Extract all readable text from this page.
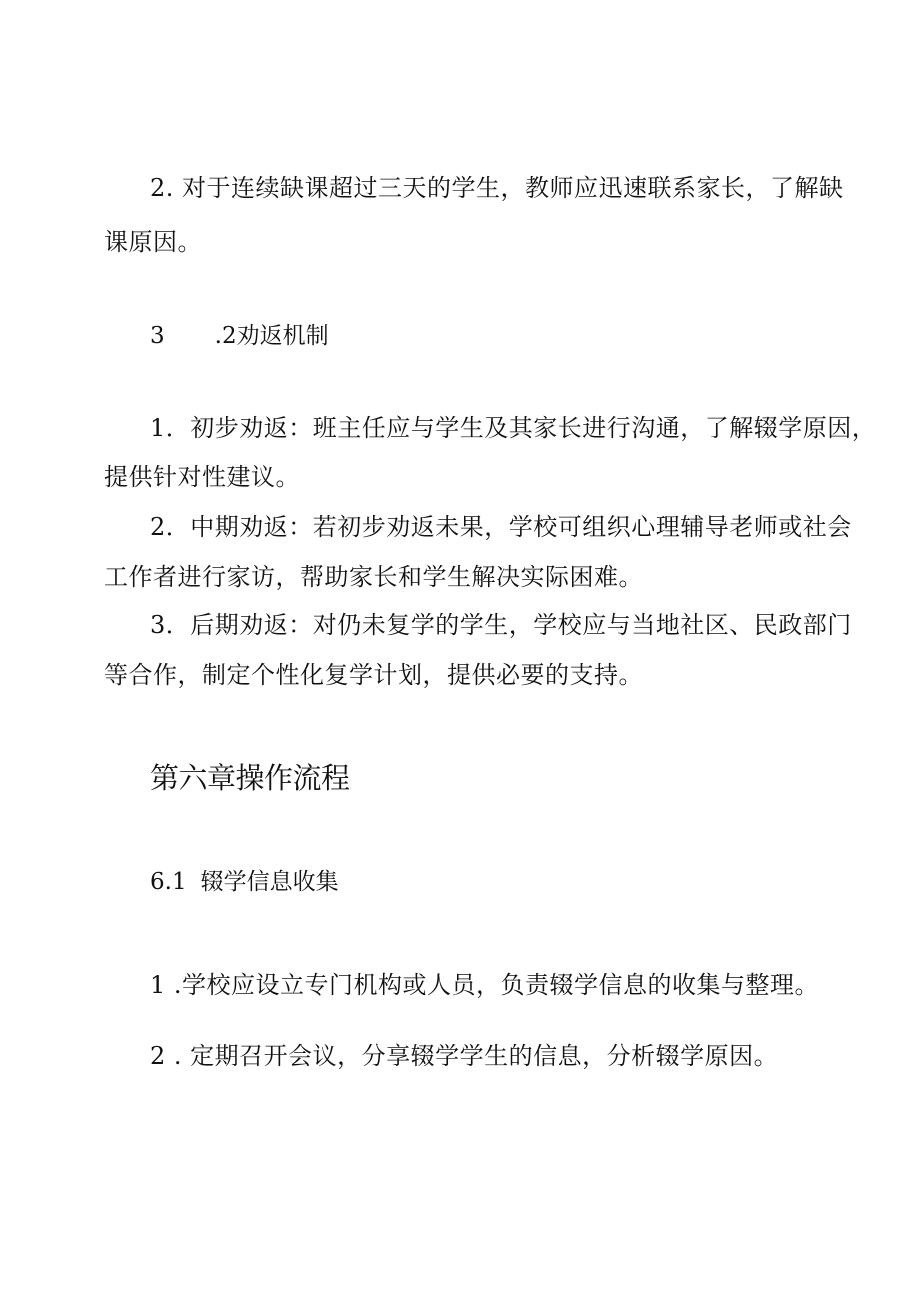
2. 对于连续缺课超过三天的学生，教师应迅速联系家长，了解缺
课原因。
3 .2劝返机制
1．初步劝返：班主任应与学生及其家长进行沟通，了解辍学原因，
提供针对性建议。
2．中期劝返：若初步劝返未果，学校可组织心理辅导老师或社会
工作者进行家访，帮助家长和学生解决实际困难。
3．后期劝返：对仍未复学的学生，学校应与当地社区、民政部门
等合作，制定个性化复学计划，提供必要的支持。
第六章操作流程
6.1 辍学信息收集
1 .学校应设立专门机构或人员，负责辍学信息的收集与整理。
2 . 定期召开会议，分享辍学学生的信息，分析辍学原因。
